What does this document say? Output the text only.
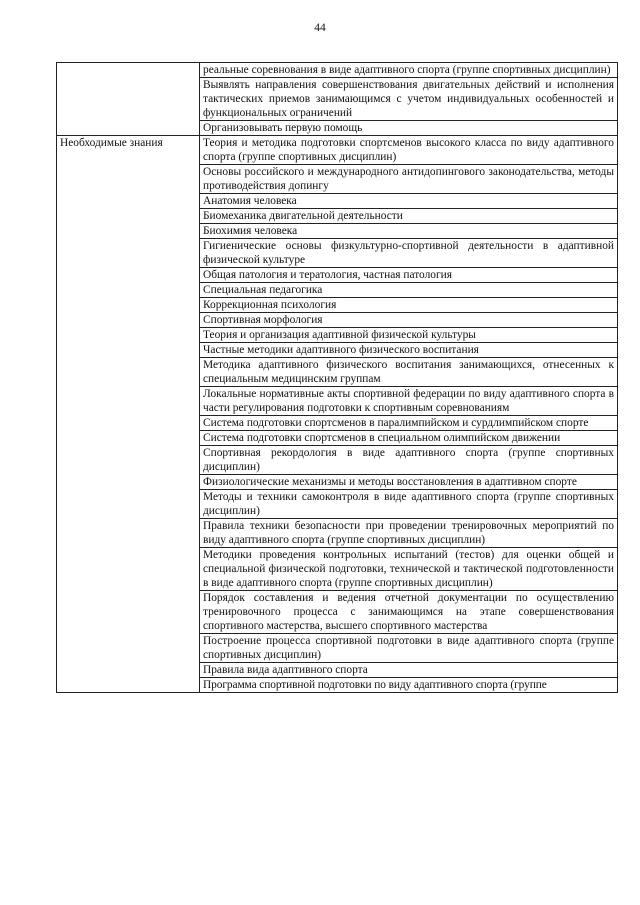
44
	реальные соревнования в виде адаптивного спорта (группе спортивных дисциплин)
	Выявлять направления совершенствования двигательных действий и исполнения тактических приемов занимающимся с учетом индивидуальных особенностей и функциональных ограничений
	Организовывать первую помощь
Необходимые знания	Теория и методика подготовки спортсменов высокого класса по виду адаптивного спорта (группе спортивных дисциплин)
	Основы российского и международного антидопингового законодательства, методы противодействия допингу
	Анатомия человека
	Биомеханика двигательной деятельности
	Биохимия человека
	Гигиенические основы физкультурно-спортивной деятельности в адаптивной физической культуре
	Общая патология и тератология, частная патология
	Специальная педагогика
	Коррекционная психология
	Спортивная морфология
	Теория и организация адаптивной физической культуры
	Частные методики адаптивного физического воспитания
	Методика адаптивного физического воспитания занимающихся, отнесенных к специальным медицинским группам
	Локальные нормативные акты спортивной федерации по виду адаптивного спорта в части регулирования подготовки к спортивным соревнованиям
	Система подготовки спортсменов в паралимпийском и сурдлимпийском спорте
	Система подготовки спортсменов в специальном олимпийском движении
	Спортивная рекордология в виде адаптивного спорта (группе спортивных дисциплин)
	Физиологические механизмы и методы восстановления в адаптивном спорте
	Методы и техники самоконтроля в виде адаптивного спорта (группе спортивных дисциплин)
	Правила техники безопасности при проведении тренировочных мероприятий по виду адаптивного спорта (группе спортивных дисциплин)
	Методики проведения контрольных испытаний (тестов) для оценки общей и специальной физической подготовки, технической и тактической подготовленности в виде адаптивного спорта (группе спортивных дисциплин)
	Порядок составления и ведения отчетной документации по осуществлению тренировочного процесса с занимающимся на этапе совершенствования спортивного мастерства, высшего спортивного мастерства
	Построение процесса спортивной подготовки в виде адаптивного спорта (группе спортивных дисциплин)
	Правила вида адаптивного спорта
	Программа спортивной подготовки по виду адаптивного спорта (группе
